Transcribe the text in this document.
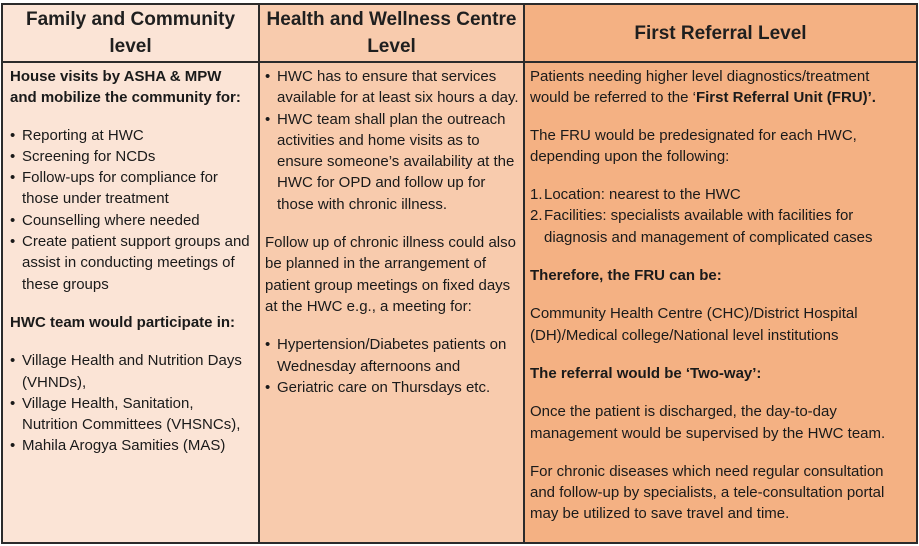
Family and Community level

House visits by ASHA & MPW and mobilize the community for:

• Reporting at HWC
• Screening for NCDs
• Follow-ups for compliance for those under treatment
• Counselling where needed
• Create patient support groups and assist in conducting meetings of these groups

HWC team would participate in:

• Village Health and Nutrition Days (VHNDs),
• Village Health, Sanitation, Nutrition Committees (VHSNCs),
• Mahila Arogya Samities (MAS)
Health and Wellness Centre Level
• HWC has to ensure that services available for at least six hours a day.
• HWC team shall plan the outreach activities and home visits as to ensure someone’s availability at the HWC for OPD and follow up for those with chronic illness.

Follow up of chronic illness could also be planned in the arrangement of patient group meetings on fixed days at the HWC e.g., a meeting for:

• Hypertension/Diabetes patients on Wednesday afternoons and
• Geriatric care on Thursdays etc.
First Referral Level

Patients needing higher level diagnostics/treatment would be referred to the ‘First Referral Unit (FRU)’.

The FRU would be predesignated for each HWC, depending upon the following:

1. Location: nearest to the HWC
2. Facilities: specialists available with facilities for diagnosis and management of complicated cases

Therefore, the FRU can be:

Community Health Centre (CHC)/District Hospital (DH)/Medical college/National level institutions

The referral would be ‘Two-way’:

Once the patient is discharged, the day-to-day management would be supervised by the HWC team.

For chronic diseases which need regular consultation and follow-up by specialists, a tele-consultation portal may be utilized to save travel and time.
